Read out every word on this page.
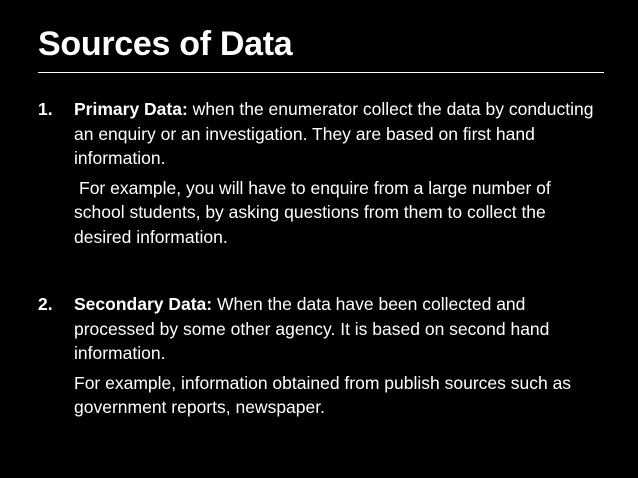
Sources of Data
1. Primary Data: when the enumerator collect the data by conducting an enquiry or an investigation. They are based on first hand information.

For example, you will have to enquire from a large number of school students, by asking questions from them to collect the desired information.

2. Secondary Data: When the data have been collected and processed by some other agency. It is based on second hand information.

For example, information obtained from publish sources such as government reports, newspaper.
